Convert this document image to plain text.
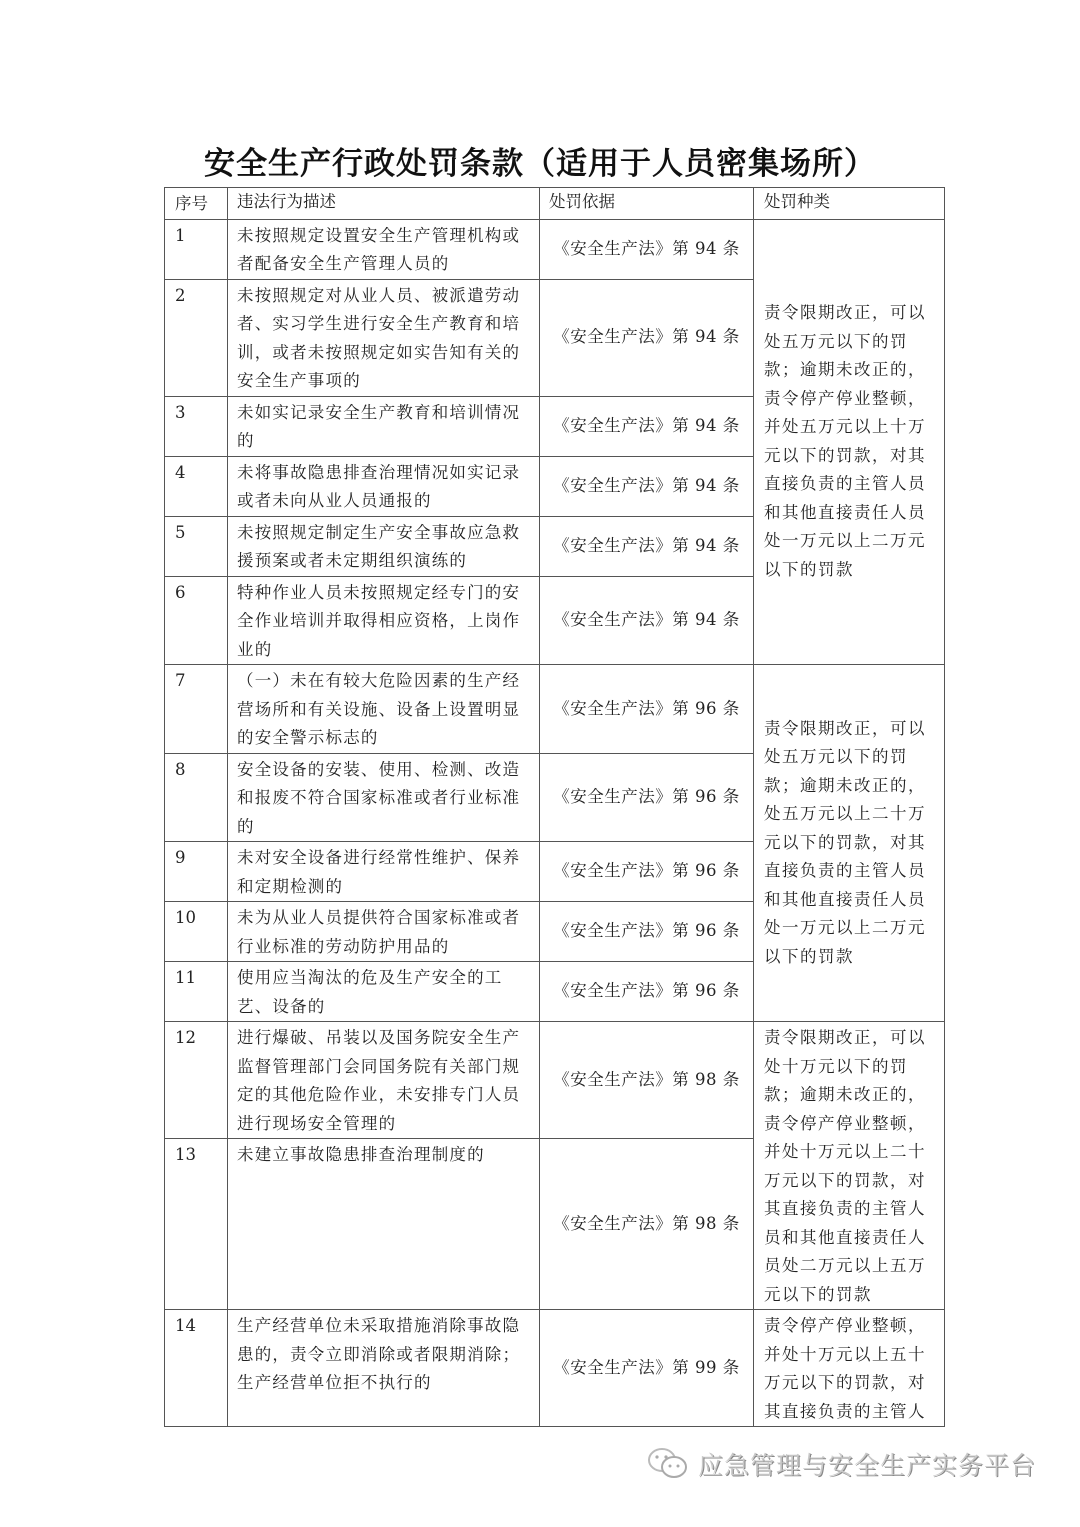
安全生产行政处罚条款（适用于人员密集场所）
序号	违法行为描述	处罚依据	处罚种类
1	未按照规定设置安全生产管理机构或者配备安全生产管理人员的	《安全生产法》第 94 条	责令限期改正，可以处五万元以下的罚款；逾期未改正的，责令停产停业整顿，并处五万元以上十万元以下的罚款，对其直接负责的主管人员和其他直接责任人员处一万元以上二万元以下的罚款
2	未按照规定对从业人员、被派遣劳动者、实习学生进行安全生产教育和培训，或者未按照规定如实告知有关的安全生产事项的	《安全生产法》第 94 条	
3	未如实记录安全生产教育和培训情况的	《安全生产法》第 94 条	
4	未将事故隐患排查治理情况如实记录或者未向从业人员通报的	《安全生产法》第 94 条	
5	未按照规定制定生产安全事故应急救援预案或者未定期组织演练的	《安全生产法》第 94 条	
6	特种作业人员未按照规定经专门的安全作业培训并取得相应资格，上岗作业的	《安全生产法》第 94 条	
7	（一）未在有较大危险因素的生产经营场所和有关设施、设备上设置明显的安全警示标志的	《安全生产法》第 96 条	责令限期改正，可以处五万元以下的罚款；逾期未改正的，处五万元以上二十万元以下的罚款，对其直接负责的主管人员和其他直接责任人员处一万元以上二万元以下的罚款
8	安全设备的安装、使用、检测、改造和报废不符合国家标准或者行业标准的	《安全生产法》第 96 条	
9	未对安全设备进行经常性维护、保养和定期检测的	《安全生产法》第 96 条	
10	未为从业人员提供符合国家标准或者行业标准的劳动防护用品的	《安全生产法》第 96 条	
11	使用应当淘汰的危及生产安全的工艺、设备的	《安全生产法》第 96 条	
12	进行爆破、吊装以及国务院安全生产监督管理部门会同国务院有关部门规定的其他危险作业，未安排专门人员进行现场安全管理的	《安全生产法》第 98 条	责令限期改正，可以处十万元以下的罚款；逾期未改正的，责令停产停业整顿，并处十万元以上二十万元以下的罚款，对其直接负责的主管人员和其他直接责任人员处二万元以上五万元以下的罚款
13	未建立事故隐患排查治理制度的	《安全生产法》第 98 条	
14	生产经营单位未采取措施消除事故隐患的，责令立即消除或者限期消除；生产经营单位拒不执行的	《安全生产法》第 99 条	责令停产停业整顿，并处十万元以上五十万元以下的罚款，对其直接负责的主管人
应急管理与安全生产实务平台
